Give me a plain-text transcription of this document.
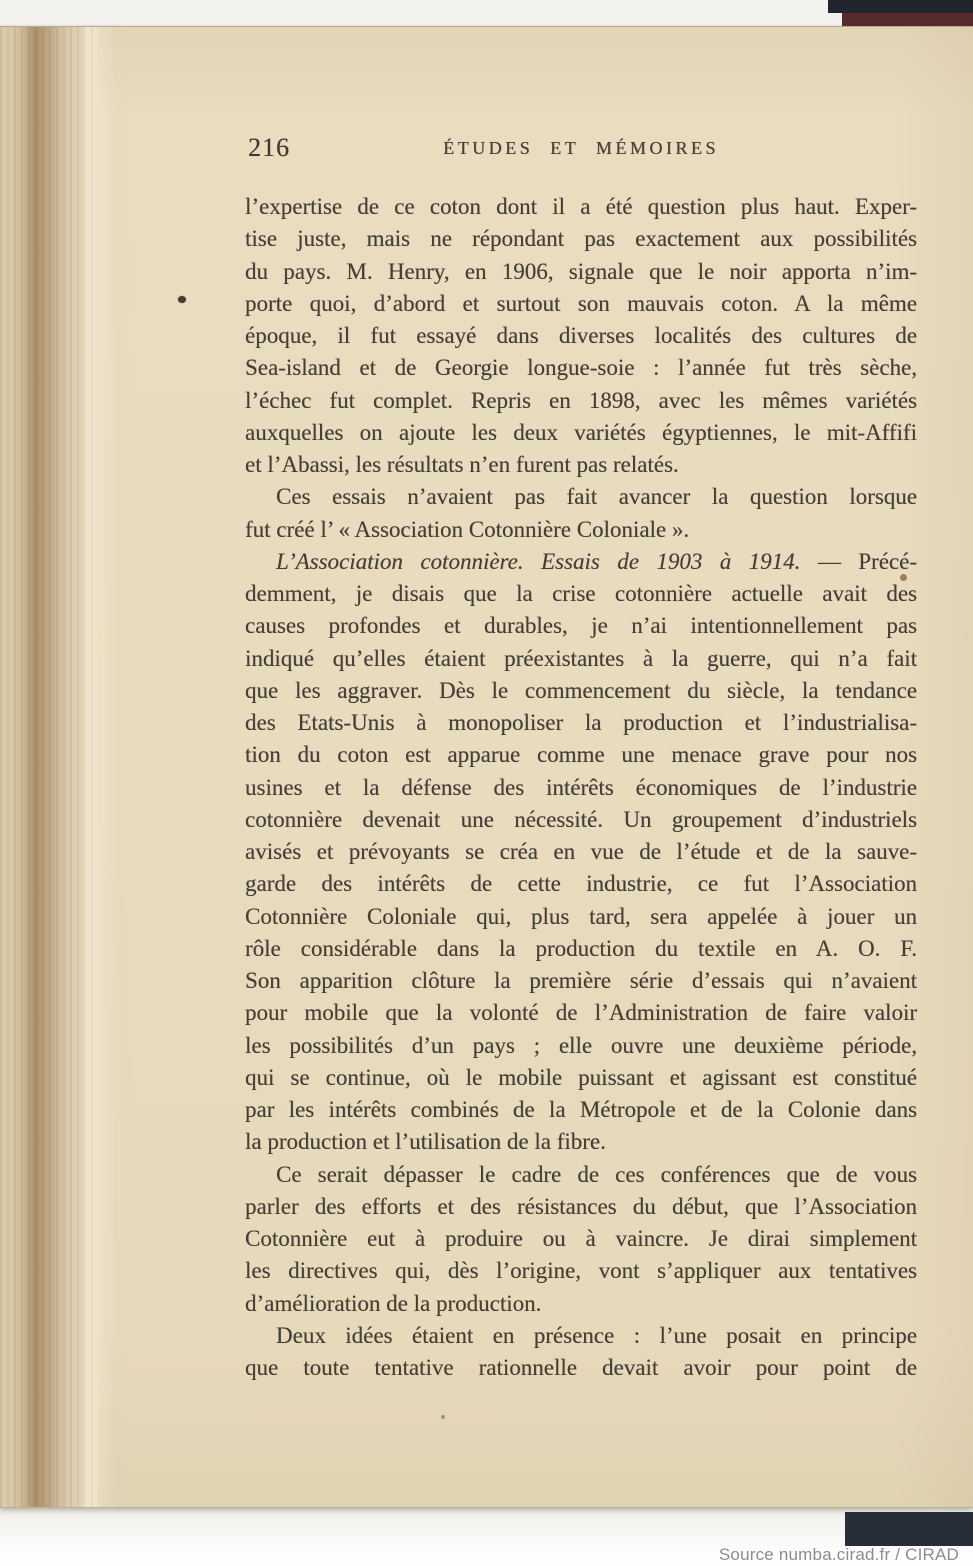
216	ÉTUDES ET MÉMOIRES
l’expertise de ce coton dont il a été question plus haut. Exper-
tise juste, mais ne répondant pas exactement aux possibilités
du pays. M. Henry, en 1906, signale que le noir apporta n’im-
porte quoi, d’abord et surtout son mauvais coton. A la même
époque, il fut essayé dans diverses localités des cultures de
Sea-island et de Georgie longue-soie : l’année fut très sèche,
l’échec fut complet. Repris en 1898, avec les mêmes variétés
auxquelles on ajoute les deux variétés égyptiennes, le mit-Affifi
et l’Abassi, les résultats n’en furent pas relatés.
Ces essais n’avaient pas fait avancer la question lorsque
fut créé l’ « Association Cotonnière Coloniale ».
L’Association cotonnière. Essais de 1903 à 1914. — Précé-
demment, je disais que la crise cotonnière actuelle avait des
causes profondes et durables, je n’ai intentionnellement pas
indiqué qu’elles étaient préexistantes à la guerre, qui n’a fait
que les aggraver. Dès le commencement du siècle, la tendance
des Etats-Unis à monopoliser la production et l’industrialisa-
tion du coton est apparue comme une menace grave pour nos
usines et la défense des intérêts économiques de l’industrie
cotonnière devenait une nécessité. Un groupement d’industriels
avisés et prévoyants se créa en vue de l’étude et de la sauve-
garde des intérêts de cette industrie, ce fut l’Association
Cotonnière Coloniale qui, plus tard, sera appelée à jouer un
rôle considérable dans la production du textile en A. O. F.
Son apparition clôture la première série d’essais qui n’avaient
pour mobile que la volonté de l’Administration de faire valoir
les possibilités d’un pays ; elle ouvre une deuxième période,
qui se continue, où le mobile puissant et agissant est constitué
par les intérêts combinés de la Métropole et de la Colonie dans
la production et l’utilisation de la fibre.
Ce serait dépasser le cadre de ces conférences que de vous
parler des efforts et des résistances du début, que l’Association
Cotonnière eut à produire ou à vaincre. Je dirai simplement
les directives qui, dès l’origine, vont s’appliquer aux tentatives
d’amélioration de la production.
Deux idées étaient en présence : l’une posait en principe
que toute tentative rationnelle devait avoir pour point de
Source numba.cirad.fr / CIRAD
